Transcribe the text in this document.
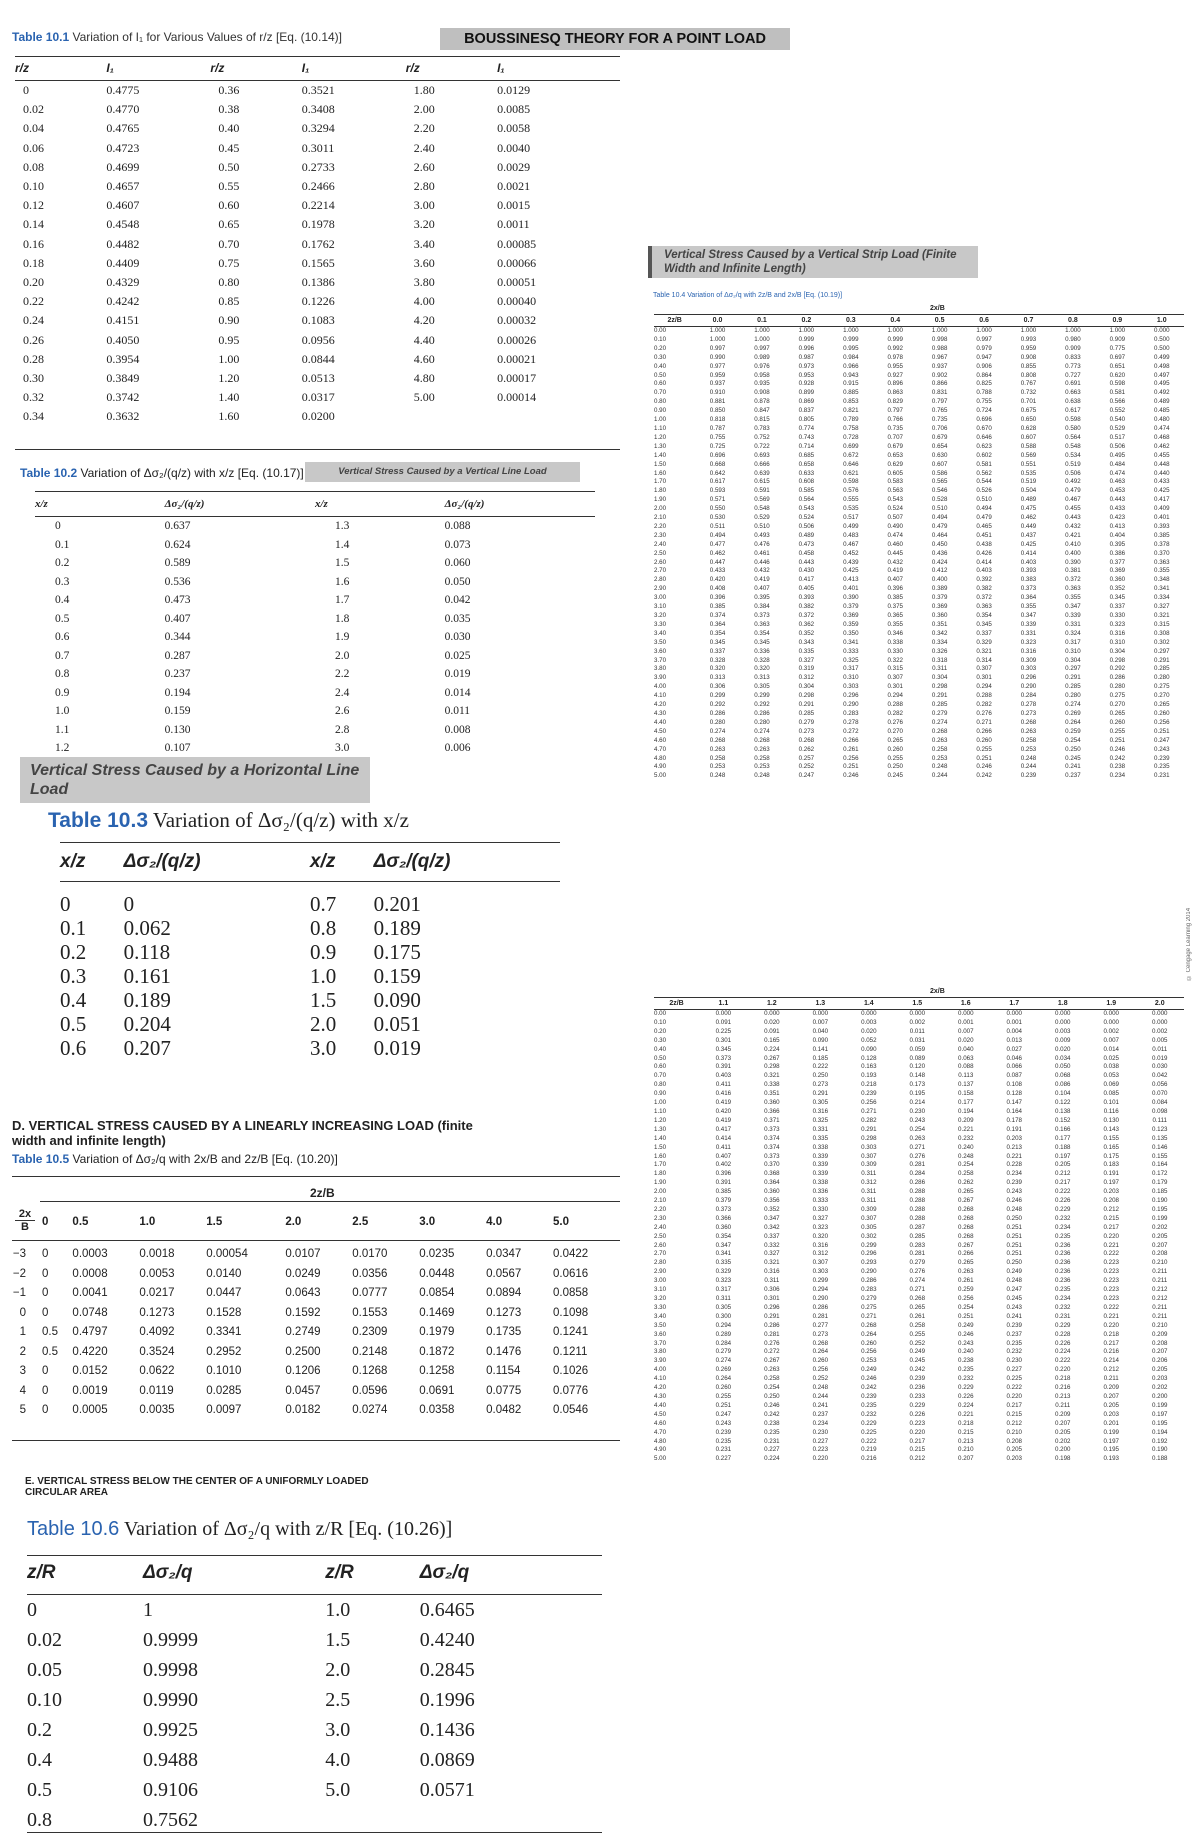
Table 10.1 Variation of I₁ for Various Values of r/z [Eq. (10.14)]	BOUSSINESQ THEORY FOR A POINT LOAD
r/z	I₁	r/z	I₁	r/z	I₁
0	0.4775	0.36	0.3521	1.80	0.0129
0.02	0.4770	0.38	0.3408	2.00	0.0085
0.04	0.4765	0.40	0.3294	2.20	0.0058
0.06	0.4723	0.45	0.3011	2.40	0.0040
0.08	0.4699	0.50	0.2733	2.60	0.0029
0.10	0.4657	0.55	0.2466	2.80	0.0021
0.12	0.4607	0.60	0.2214	3.00	0.0015
0.14	0.4548	0.65	0.1978	3.20	0.0011
0.16	0.4482	0.70	0.1762	3.40	0.00085
0.18	0.4409	0.75	0.1565	3.60	0.00066
0.20	0.4329	0.80	0.1386	3.80	0.00051
0.22	0.4242	0.85	0.1226	4.00	0.00040
0.24	0.4151	0.90	0.1083	4.20	0.00032
0.26	0.4050	0.95	0.0956	4.40	0.00026
0.28	0.3954	1.00	0.0844	4.60	0.00021
0.30	0.3849	1.20	0.0513	4.80	0.00017
0.32	0.3742	1.40	0.0317	5.00	0.00014
0.34	0.3632	1.60	0.0200		
Table 10.2 Variation of Δσ₂/(q/z) with x/z [Eq. (10.17)]	Vertical Stress Caused by a Vertical Line Load
x/z	Δσ₂/(q/z)	x/z	Δσ₂/(q/z)
0	0.637	1.3	0.088
0.1	0.624	1.4	0.073
0.2	0.589	1.5	0.060
0.3	0.536	1.6	0.050
0.4	0.473	1.7	0.042
0.5	0.407	1.8	0.035
0.6	0.344	1.9	0.030
0.7	0.287	2.0	0.025
0.8	0.237	2.2	0.019
0.9	0.194	2.4	0.014
1.0	0.159	2.6	0.011
1.1	0.130	2.8	0.008
1.2	0.107	3.0	0.006
Vertical Stress Caused by a Horizontal Line Load
Table 10.3 Variation of Δσ₂/(q/z) with x/z
x/z	Δσ₂/(q/z)	x/z	Δσ₂/(q/z)
0	0	0.7	0.201
0.1	0.062	0.8	0.189
0.2	0.118	0.9	0.175
0.3	0.161	1.0	0.159
0.4	0.189	1.5	0.090
0.5	0.204	2.0	0.051
0.6	0.207	3.0	0.019
D. VERTICAL STRESS CAUSED BY A LINEARLY INCREASING LOAD (finite width and infinite length)
Table 10.5 Variation of Δσ₂/q with 2x/B and 2z/B [Eq. (10.20)]
2z/B
2x
B
		0	0.5	1.0	1.5	2.0	2.5	3.0	4.0	5.0
−3	0	0.0003	0.0018	0.00054	0.0107	0.0170	0.0235	0.0347	0.0422
−2	0	0.0008	0.0053	0.0140	0.0249	0.0356	0.0448	0.0567	0.0616
−1	0	0.0041	0.0217	0.0447	0.0643	0.0777	0.0854	0.0894	0.0858
0	0	0.0748	0.1273	0.1528	0.1592	0.1553	0.1469	0.1273	0.1098
1	0.5	0.4797	0.4092	0.3341	0.2749	0.2309	0.1979	0.1735	0.1241
2	0.5	0.4220	0.3524	0.2952	0.2500	0.2148	0.1872	0.1476	0.1211
3	0	0.0152	0.0622	0.1010	0.1206	0.1268	0.1258	0.1154	0.1026
4	0	0.0019	0.0119	0.0285	0.0457	0.0596	0.0691	0.0775	0.0776
5	0	0.0005	0.0035	0.0097	0.0182	0.0274	0.0358	0.0482	0.0546
E. VERTICAL STRESS BELOW THE CENTER OF A UNIFORMLY LOADED CIRCULAR AREA
Table 10.6 Variation of Δσ₂/q with z/R [Eq. (10.26)]
z/R	Δσ₂/q	z/R	Δσ₂/q
0	1	1.0	0.6465
0.02	0.9999	1.5	0.4240
0.05	0.9998	2.0	0.2845
0.10	0.9990	2.5	0.1996
0.2	0.9925	3.0	0.1436
0.4	0.9488	4.0	0.0869
0.5	0.9106	5.0	0.0571
0.8	0.7562		
Vertical Stress Caused by a Vertical Strip Load (Finite Width and Infinite Length)
Table 10.4 Variation of Δσ₂/q with 2z/B and 2x/B [Eq. (10.19)]
2x/B
2z/B	0.0	0.1	0.2	0.3	0.4	0.5	0.6	0.7	0.8	0.9	1.0
0.00	1.000	1.000	1.000	1.000	1.000	1.000	1.000	1.000	1.000	1.000	0.000
0.10	1.000	1.000	0.999	0.999	0.999	0.998	0.997	0.993	0.980	0.909	0.500
0.20	0.997	0.997	0.996	0.995	0.992	0.988	0.979	0.959	0.909	0.775	0.500
0.30	0.990	0.989	0.987	0.984	0.978	0.967	0.947	0.908	0.833	0.697	0.499
0.40	0.977	0.976	0.973	0.966	0.955	0.937	0.906	0.855	0.773	0.651	0.498
0.50	0.959	0.958	0.953	0.943	0.927	0.902	0.864	0.808	0.727	0.620	0.497
0.60	0.937	0.935	0.928	0.915	0.896	0.866	0.825	0.767	0.691	0.598	0.495
0.70	0.910	0.908	0.899	0.885	0.863	0.831	0.788	0.732	0.663	0.581	0.492
0.80	0.881	0.878	0.869	0.853	0.829	0.797	0.755	0.701	0.638	0.566	0.489
0.90	0.850	0.847	0.837	0.821	0.797	0.765	0.724	0.675	0.617	0.552	0.485
1.00	0.818	0.815	0.805	0.789	0.766	0.735	0.696	0.650	0.598	0.540	0.480
1.10	0.787	0.783	0.774	0.758	0.735	0.706	0.670	0.628	0.580	0.529	0.474
1.20	0.755	0.752	0.743	0.728	0.707	0.679	0.646	0.607	0.564	0.517	0.468
1.30	0.725	0.722	0.714	0.699	0.679	0.654	0.623	0.588	0.548	0.506	0.462
1.40	0.696	0.693	0.685	0.672	0.653	0.630	0.602	0.569	0.534	0.495	0.455
1.50	0.668	0.666	0.658	0.646	0.629	0.607	0.581	0.551	0.519	0.484	0.448
1.60	0.642	0.639	0.633	0.621	0.605	0.586	0.562	0.535	0.506	0.474	0.440
1.70	0.617	0.615	0.608	0.598	0.583	0.565	0.544	0.519	0.492	0.463	0.433
1.80	0.593	0.591	0.585	0.576	0.563	0.546	0.526	0.504	0.479	0.453	0.425
1.90	0.571	0.569	0.564	0.555	0.543	0.528	0.510	0.489	0.467	0.443	0.417
2.00	0.550	0.548	0.543	0.535	0.524	0.510	0.494	0.475	0.455	0.433	0.409
2.10	0.530	0.529	0.524	0.517	0.507	0.494	0.479	0.462	0.443	0.423	0.401
2.20	0.511	0.510	0.506	0.499	0.490	0.479	0.465	0.449	0.432	0.413	0.393
2.30	0.494	0.493	0.489	0.483	0.474	0.464	0.451	0.437	0.421	0.404	0.385
2.40	0.477	0.476	0.473	0.467	0.460	0.450	0.438	0.425	0.410	0.395	0.378
2.50	0.462	0.461	0.458	0.452	0.445	0.436	0.426	0.414	0.400	0.386	0.370
2.60	0.447	0.446	0.443	0.439	0.432	0.424	0.414	0.403	0.390	0.377	0.363
2.70	0.433	0.432	0.430	0.425	0.419	0.412	0.403	0.393	0.381	0.369	0.355
2.80	0.420	0.419	0.417	0.413	0.407	0.400	0.392	0.383	0.372	0.360	0.348
2.90	0.408	0.407	0.405	0.401	0.396	0.389	0.382	0.373	0.363	0.352	0.341
3.00	0.396	0.395	0.393	0.390	0.385	0.379	0.372	0.364	0.355	0.345	0.334
3.10	0.385	0.384	0.382	0.379	0.375	0.369	0.363	0.355	0.347	0.337	0.327
3.20	0.374	0.373	0.372	0.369	0.365	0.360	0.354	0.347	0.339	0.330	0.321
3.30	0.364	0.363	0.362	0.359	0.355	0.351	0.345	0.339	0.331	0.323	0.315
3.40	0.354	0.354	0.352	0.350	0.346	0.342	0.337	0.331	0.324	0.316	0.308
3.50	0.345	0.345	0.343	0.341	0.338	0.334	0.329	0.323	0.317	0.310	0.302
3.60	0.337	0.336	0.335	0.333	0.330	0.326	0.321	0.316	0.310	0.304	0.297
3.70	0.328	0.328	0.327	0.325	0.322	0.318	0.314	0.309	0.304	0.298	0.291
3.80	0.320	0.320	0.319	0.317	0.315	0.311	0.307	0.303	0.297	0.292	0.285
3.90	0.313	0.313	0.312	0.310	0.307	0.304	0.301	0.296	0.291	0.286	0.280
4.00	0.306	0.305	0.304	0.303	0.301	0.298	0.294	0.290	0.285	0.280	0.275
4.10	0.299	0.299	0.298	0.296	0.294	0.291	0.288	0.284	0.280	0.275	0.270
4.20	0.292	0.292	0.291	0.290	0.288	0.285	0.282	0.278	0.274	0.270	0.265
4.30	0.286	0.286	0.285	0.283	0.282	0.279	0.276	0.273	0.269	0.265	0.260
4.40	0.280	0.280	0.279	0.278	0.276	0.274	0.271	0.268	0.264	0.260	0.256
4.50	0.274	0.274	0.273	0.272	0.270	0.268	0.266	0.263	0.259	0.255	0.251
4.60	0.268	0.268	0.268	0.266	0.265	0.263	0.260	0.258	0.254	0.251	0.247
4.70	0.263	0.263	0.262	0.261	0.260	0.258	0.255	0.253	0.250	0.246	0.243
4.80	0.258	0.258	0.257	0.256	0.255	0.253	0.251	0.248	0.245	0.242	0.239
4.90	0.253	0.253	0.252	0.251	0.250	0.248	0.246	0.244	0.241	0.238	0.235
5.00	0.248	0.248	0.247	0.246	0.245	0.244	0.242	0.239	0.237	0.234	0.231
2x/B
2z/B	1.1	1.2	1.3	1.4	1.5	1.6	1.7	1.8	1.9	2.0
0.00	0.000	0.000	0.000	0.000	0.000	0.000	0.000	0.000	0.000	0.000
0.10	0.091	0.020	0.007	0.003	0.002	0.001	0.001	0.000	0.000	0.000
0.20	0.225	0.091	0.040	0.020	0.011	0.007	0.004	0.003	0.002	0.002
0.30	0.301	0.165	0.090	0.052	0.031	0.020	0.013	0.009	0.007	0.005
0.40	0.345	0.224	0.141	0.090	0.059	0.040	0.027	0.020	0.014	0.011
0.50	0.373	0.267	0.185	0.128	0.089	0.063	0.046	0.034	0.025	0.019
0.60	0.391	0.298	0.222	0.163	0.120	0.088	0.066	0.050	0.038	0.030
0.70	0.403	0.321	0.250	0.193	0.148	0.113	0.087	0.068	0.053	0.042
0.80	0.411	0.338	0.273	0.218	0.173	0.137	0.108	0.086	0.069	0.056
0.90	0.416	0.351	0.291	0.239	0.195	0.158	0.128	0.104	0.085	0.070
1.00	0.419	0.360	0.305	0.256	0.214	0.177	0.147	0.122	0.101	0.084
1.10	0.420	0.366	0.316	0.271	0.230	0.194	0.164	0.138	0.116	0.098
1.20	0.419	0.371	0.325	0.282	0.243	0.209	0.178	0.152	0.130	0.111
1.30	0.417	0.373	0.331	0.291	0.254	0.221	0.191	0.166	0.143	0.123
1.40	0.414	0.374	0.335	0.298	0.263	0.232	0.203	0.177	0.155	0.135
1.50	0.411	0.374	0.338	0.303	0.271	0.240	0.213	0.188	0.165	0.146
1.60	0.407	0.373	0.339	0.307	0.276	0.248	0.221	0.197	0.175	0.155
1.70	0.402	0.370	0.339	0.309	0.281	0.254	0.228	0.205	0.183	0.164
1.80	0.396	0.368	0.339	0.311	0.284	0.258	0.234	0.212	0.191	0.172
1.90	0.391	0.364	0.338	0.312	0.286	0.262	0.239	0.217	0.197	0.179
2.00	0.385	0.360	0.336	0.311	0.288	0.265	0.243	0.222	0.203	0.185
2.10	0.379	0.356	0.333	0.311	0.288	0.267	0.246	0.226	0.208	0.190
2.20	0.373	0.352	0.330	0.309	0.288	0.268	0.248	0.229	0.212	0.195
2.30	0.366	0.347	0.327	0.307	0.288	0.268	0.250	0.232	0.215	0.199
2.40	0.360	0.342	0.323	0.305	0.287	0.268	0.251	0.234	0.217	0.202
2.50	0.354	0.337	0.320	0.302	0.285	0.268	0.251	0.235	0.220	0.205
2.60	0.347	0.332	0.316	0.299	0.283	0.267	0.251	0.236	0.221	0.207
2.70	0.341	0.327	0.312	0.296	0.281	0.266	0.251	0.236	0.222	0.208
2.80	0.335	0.321	0.307	0.293	0.279	0.265	0.250	0.236	0.223	0.210
2.90	0.329	0.316	0.303	0.290	0.276	0.263	0.249	0.236	0.223	0.211
3.00	0.323	0.311	0.299	0.286	0.274	0.261	0.248	0.236	0.223	0.211
3.10	0.317	0.306	0.294	0.283	0.271	0.259	0.247	0.235	0.223	0.212
3.20	0.311	0.301	0.290	0.279	0.268	0.256	0.245	0.234	0.223	0.212
3.30	0.305	0.296	0.286	0.275	0.265	0.254	0.243	0.232	0.222	0.211
3.40	0.300	0.291	0.281	0.271	0.261	0.251	0.241	0.231	0.221	0.211
3.50	0.294	0.286	0.277	0.268	0.258	0.249	0.239	0.229	0.220	0.210
3.60	0.289	0.281	0.273	0.264	0.255	0.246	0.237	0.228	0.218	0.209
3.70	0.284	0.276	0.268	0.260	0.252	0.243	0.235	0.226	0.217	0.208
3.80	0.279	0.272	0.264	0.256	0.249	0.240	0.232	0.224	0.216	0.207
3.90	0.274	0.267	0.260	0.253	0.245	0.238	0.230	0.222	0.214	0.206
4.00	0.269	0.263	0.256	0.249	0.242	0.235	0.227	0.220	0.212	0.205
4.10	0.264	0.258	0.252	0.246	0.239	0.232	0.225	0.218	0.211	0.203
4.20	0.260	0.254	0.248	0.242	0.236	0.229	0.222	0.216	0.209	0.202
4.30	0.255	0.250	0.244	0.239	0.233	0.226	0.220	0.213	0.207	0.200
4.40	0.251	0.246	0.241	0.235	0.229	0.224	0.217	0.211	0.205	0.199
4.50	0.247	0.242	0.237	0.232	0.226	0.221	0.215	0.209	0.203	0.197
4.60	0.243	0.238	0.234	0.229	0.223	0.218	0.212	0.207	0.201	0.195
4.70	0.239	0.235	0.230	0.225	0.220	0.215	0.210	0.205	0.199	0.194
4.80	0.235	0.231	0.227	0.222	0.217	0.213	0.208	0.202	0.197	0.192
4.90	0.231	0.227	0.223	0.219	0.215	0.210	0.205	0.200	0.195	0.190
5.00	0.227	0.224	0.220	0.216	0.212	0.207	0.203	0.198	0.193	0.188
© Cengage Learning 2014
